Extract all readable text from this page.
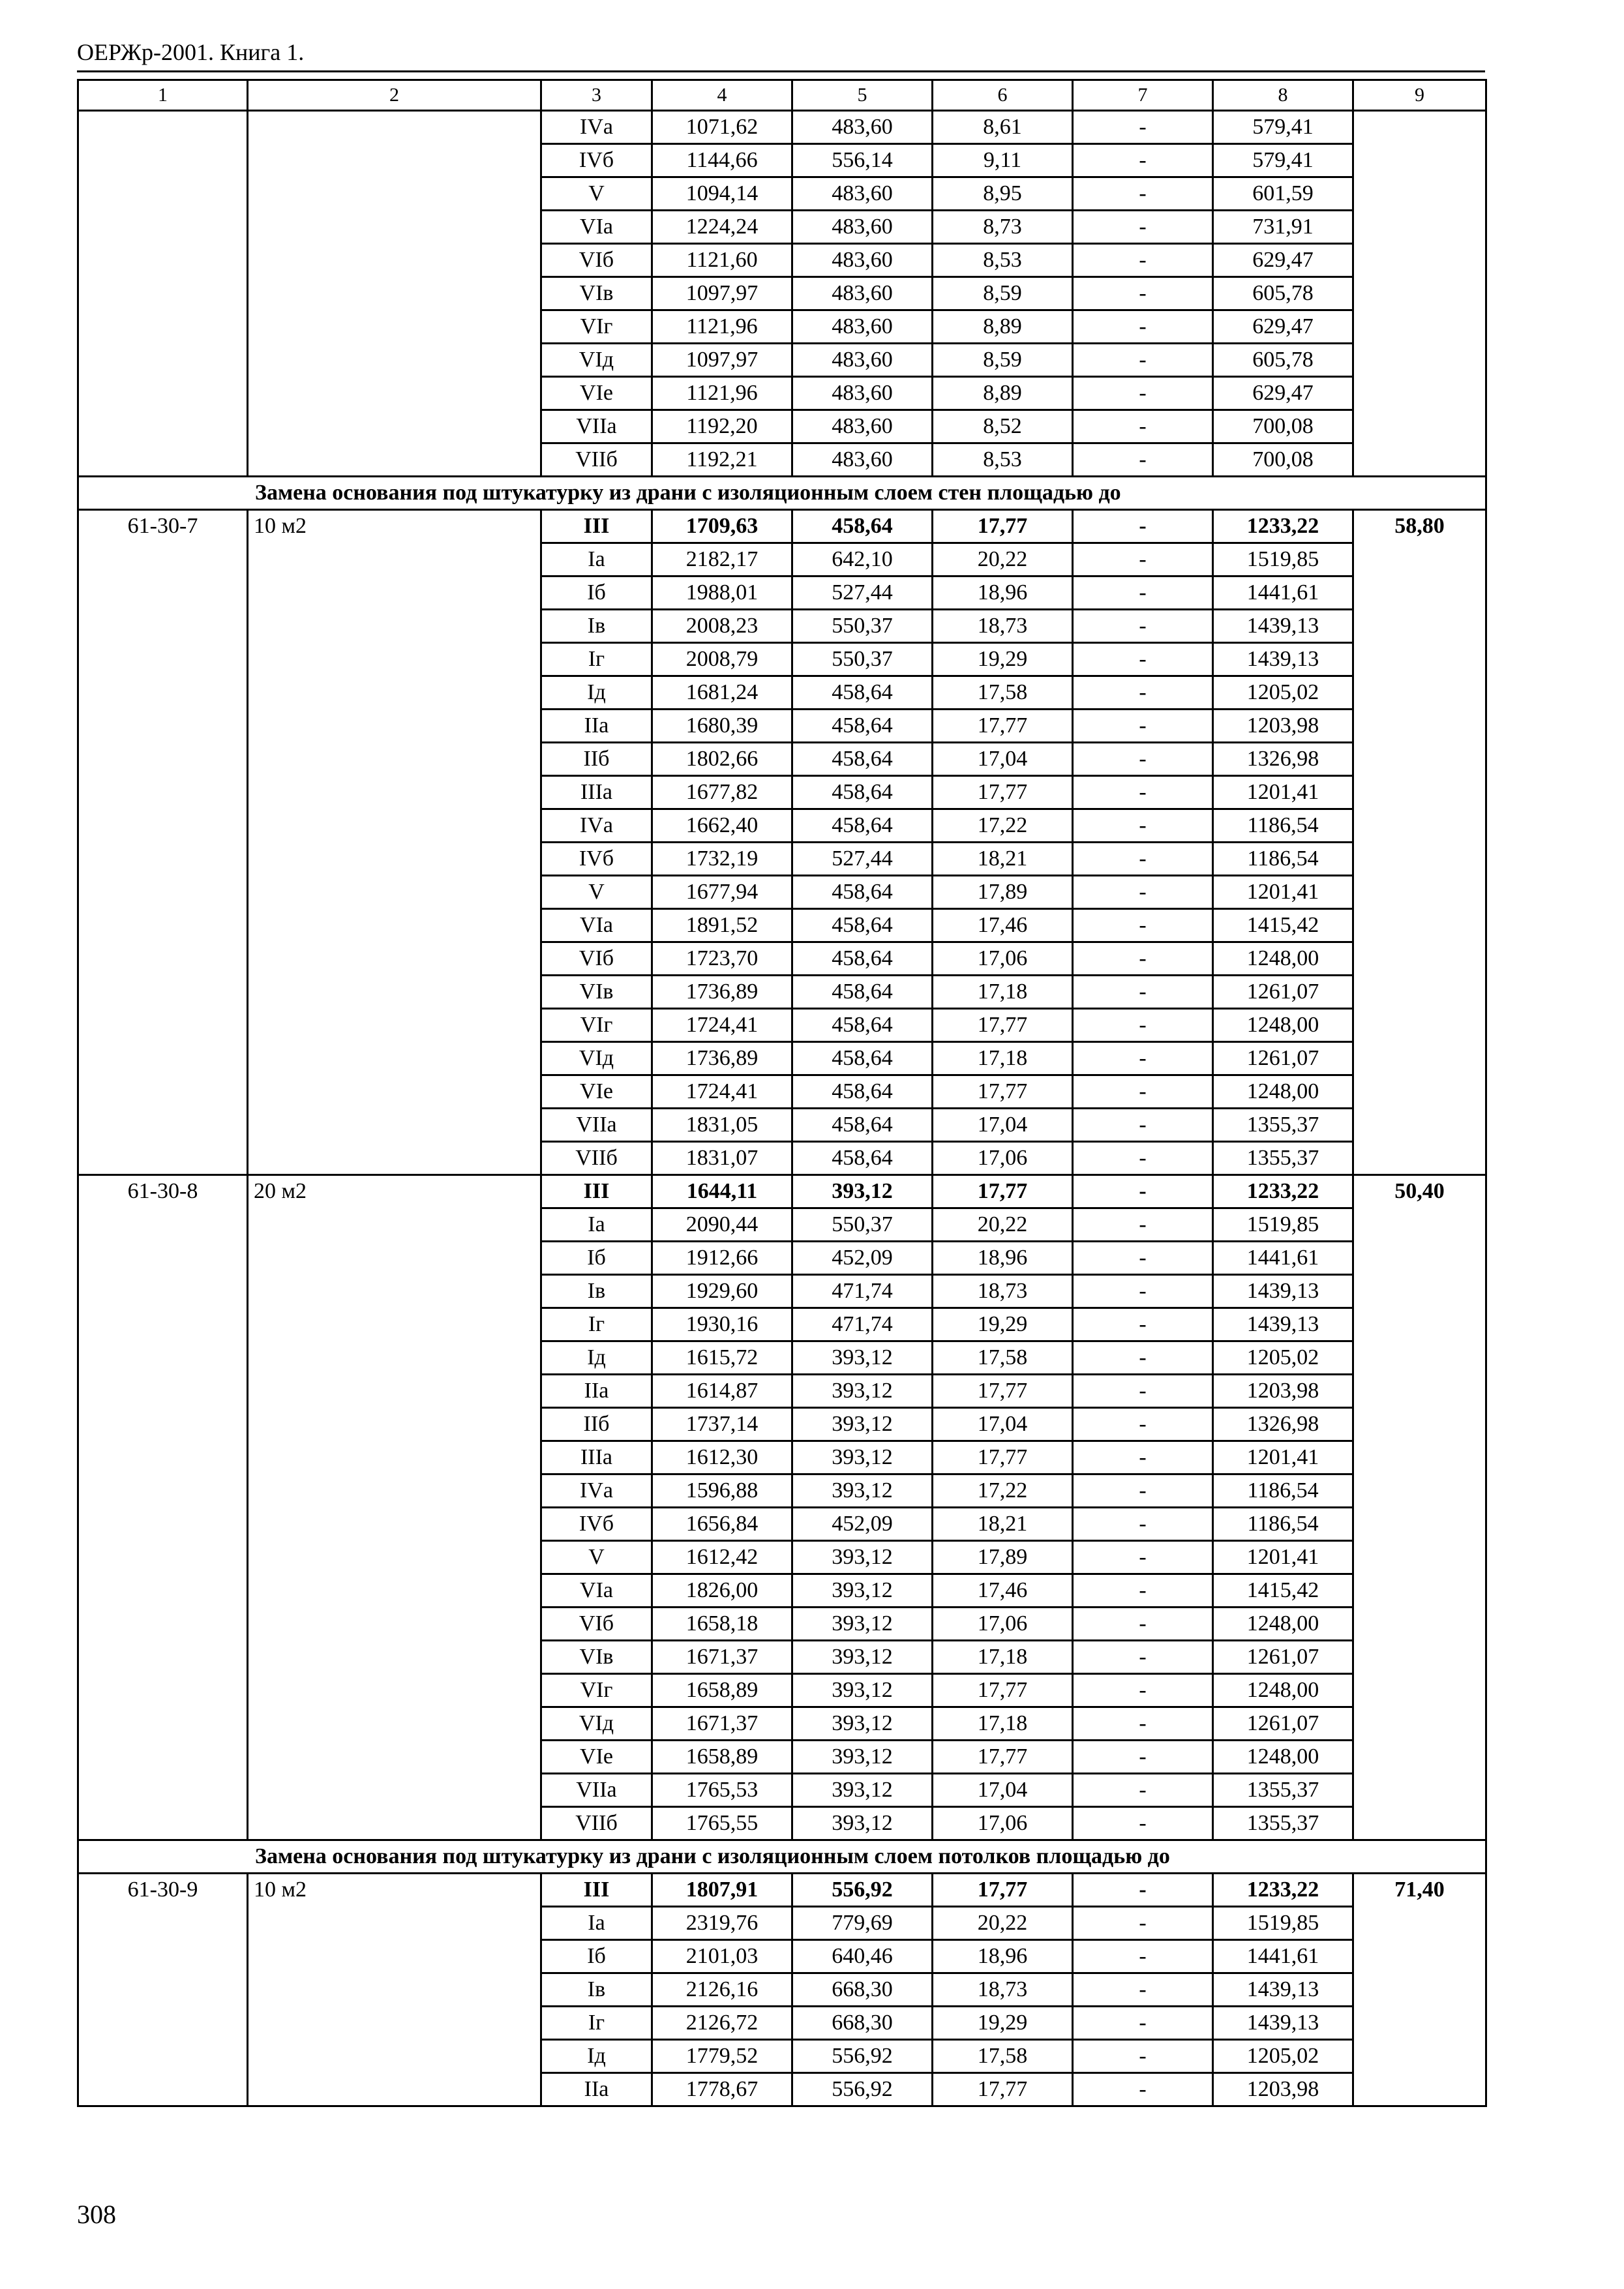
ОЕРЖр-2001. Книга 1.
1	2	3	4	5	6	7	8	9
		IVа	1071,62	483,60	8,61	-	579,41	
		IVб	1144,66	556,14	9,11	-	579,41	
		V	1094,14	483,60	8,95	-	601,59	
		VIа	1224,24	483,60	8,73	-	731,91	
		VIб	1121,60	483,60	8,53	-	629,47	
		VIв	1097,97	483,60	8,59	-	605,78	
		VIг	1121,96	483,60	8,89	-	629,47	
		VIд	1097,97	483,60	8,59	-	605,78	
		VIе	1121,96	483,60	8,89	-	629,47	
		VIIа	1192,20	483,60	8,52	-	700,08	
		VIIб	1192,21	483,60	8,53	-	700,08	
Замена основания под штукатурку из драни с изоляционным слоем стен площадью до								
61-30-7	10 м2	III	1709,63	458,64	17,77	-	1233,22	58,80
		Iа	2182,17	642,10	20,22	-	1519,85	
		Iб	1988,01	527,44	18,96	-	1441,61	
		Iв	2008,23	550,37	18,73	-	1439,13	
		Iг	2008,79	550,37	19,29	-	1439,13	
		Iд	1681,24	458,64	17,58	-	1205,02	
		IIа	1680,39	458,64	17,77	-	1203,98	
		IIб	1802,66	458,64	17,04	-	1326,98	
		IIIа	1677,82	458,64	17,77	-	1201,41	
		IVа	1662,40	458,64	17,22	-	1186,54	
		IVб	1732,19	527,44	18,21	-	1186,54	
		V	1677,94	458,64	17,89	-	1201,41	
		VIа	1891,52	458,64	17,46	-	1415,42	
		VIб	1723,70	458,64	17,06	-	1248,00	
		VIв	1736,89	458,64	17,18	-	1261,07	
		VIг	1724,41	458,64	17,77	-	1248,00	
		VIд	1736,89	458,64	17,18	-	1261,07	
		VIе	1724,41	458,64	17,77	-	1248,00	
		VIIа	1831,05	458,64	17,04	-	1355,37	
		VIIб	1831,07	458,64	17,06	-	1355,37	
61-30-8	20 м2	III	1644,11	393,12	17,77	-	1233,22	50,40
		Iа	2090,44	550,37	20,22	-	1519,85	
		Iб	1912,66	452,09	18,96	-	1441,61	
		Iв	1929,60	471,74	18,73	-	1439,13	
		Iг	1930,16	471,74	19,29	-	1439,13	
		Iд	1615,72	393,12	17,58	-	1205,02	
		IIа	1614,87	393,12	17,77	-	1203,98	
		IIб	1737,14	393,12	17,04	-	1326,98	
		IIIа	1612,30	393,12	17,77	-	1201,41	
		IVа	1596,88	393,12	17,22	-	1186,54	
		IVб	1656,84	452,09	18,21	-	1186,54	
		V	1612,42	393,12	17,89	-	1201,41	
		VIа	1826,00	393,12	17,46	-	1415,42	
		VIб	1658,18	393,12	17,06	-	1248,00	
		VIв	1671,37	393,12	17,18	-	1261,07	
		VIг	1658,89	393,12	17,77	-	1248,00	
		VIд	1671,37	393,12	17,18	-	1261,07	
		VIе	1658,89	393,12	17,77	-	1248,00	
		VIIа	1765,53	393,12	17,04	-	1355,37	
		VIIб	1765,55	393,12	17,06	-	1355,37	
Замена основания под штукатурку из драни с изоляционным слоем потолков площадью до								
61-30-9	10 м2	III	1807,91	556,92	17,77	-	1233,22	71,40
		Iа	2319,76	779,69	20,22	-	1519,85	
		Iб	2101,03	640,46	18,96	-	1441,61	
		Iв	2126,16	668,30	18,73	-	1439,13	
		Iг	2126,72	668,30	19,29	-	1439,13	
		Iд	1779,52	556,92	17,58	-	1205,02	
		IIа	1778,67	556,92	17,77	-	1203,98	
308
